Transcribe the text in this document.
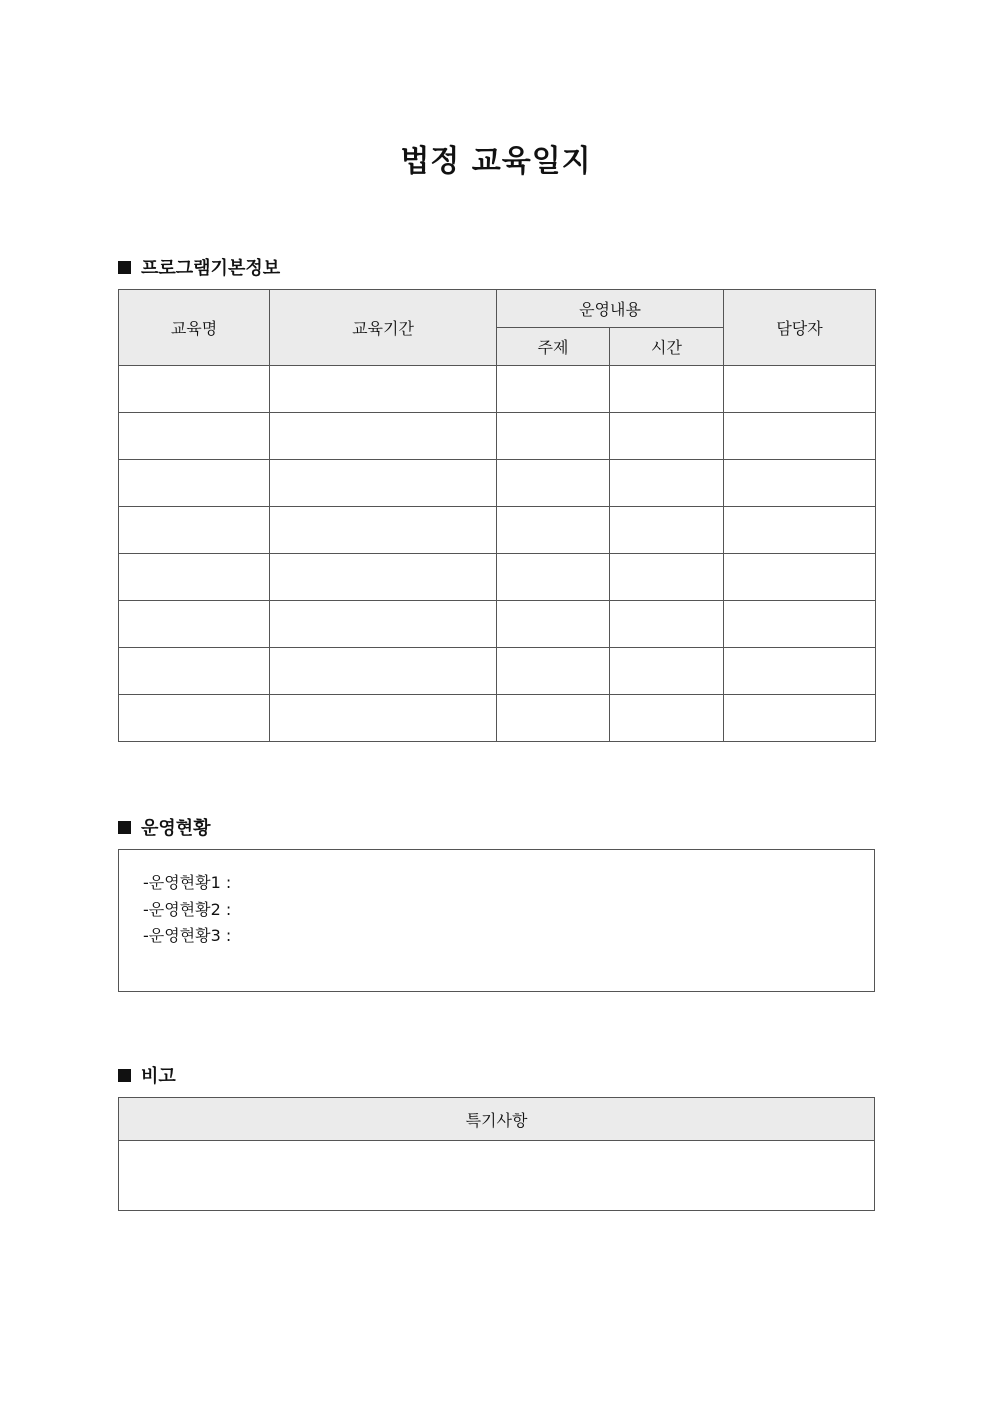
법정 교육일지
프로그램기본정보
교육명	교육기간	운영내용		담당자
		주제	시간	

운영현황
-운영현황1 :
-운영현황2 :
-운영현황3 :
비고
특기사항
